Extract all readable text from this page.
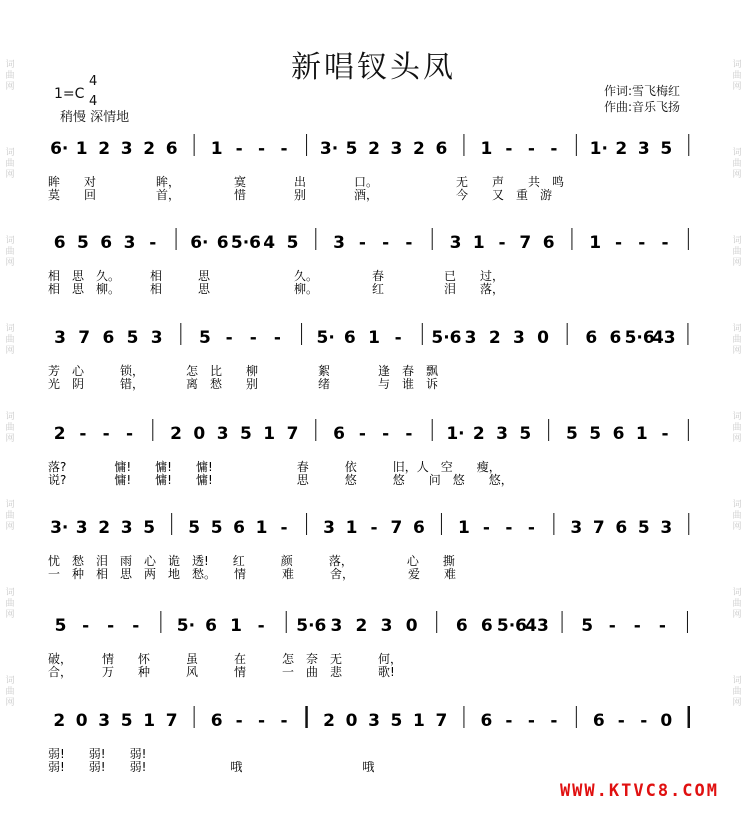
词
曲
网

词
曲
网

词
曲
网

词
曲
网

词
曲
网

词
曲
网

词
曲
网

词
曲
网

词
曲
网

词
曲
网

词
曲
网

词
曲
网

词
曲
网

词
曲
网

词
曲
网

词
曲
网

新唱钗头凤
1=C
4
4
稍慢 深情地
作词:雪飞梅红
作曲:音乐飞扬
6· 1 2 3 2 6 1 - - - 3· 5 2 3 2 6 1 - - - 1· 2 3 5
眸　　对　　　　　眸，　　　　　寞　　　　出　　　　口。　　　　　　　无　　声　　共　鸣
莫　　回　　　　　首，　　　　　惜　　　　别　　　　酒，　　　　　　　今　　又　重　游
6 5 6 3 - 6· 6 5·6 4 5 3 - - - 3 1 - 7 6 1 - - -
相　思　久。　　　相　　　思　　　　　　　久。　　　　　春　　　　　已　　过，
相　思　柳。　　　相　　　思　　　　　　　柳。　　　　　红　　　　　泪　　落，
3 7 6 5 3 5 - - - 5· 6 1 - 5·6 3 2 3 0 6 6 5·6
43
芳　心　　　锁，　　　　怎　比　　柳　　　　　絮　　　　逢　春　飘
光　阴　　　错，　　　　离　愁　　别　　　　　绪　　　　与　谁　诉
2 - - - 2 0 3 5 1 7 6 - - - 1· 2 3 5 5 5 6 1 -
落?　　　　慵!　　慵!　　慵!　　　　　　　春　　　依　　　旧，人　空　　瘦，
说?　　　　慵!　　慵!　　慵!　　　　　　　思　　　悠　　　悠　　问　悠　　悠，
3· 3 2 3 5 5 5 6 1 - 3 1 - 7 6 1 - - - 3 7 6 5 3
忧　愁　泪　雨　心　诡　透!　　红　　　颜　　　落，　　　　　心　　撕
一　种　相　思　两　地　愁。　　情　　　难　　　舍，　　　　　爱　　难
5 - - - 5· 6 1 - 5·6 3 2 3 0 6 6 5·6
43 5 - - -
破，　　　情　　怀　　　虽　　　在　　　怎　奈　无　　　何，
合，　　　万　　种　　　风　　　情　　　一　曲　悲　　　歌!
2 0 3 5 1 7 6 - - - 2 0 3 5 1 7 6 - - - 6 - - 0
弱!　　弱!　　弱!
弱!　　弱!　　弱!　　　　　　　哦　　　　　　　　　　哦
WWW.KTVC8.COM
